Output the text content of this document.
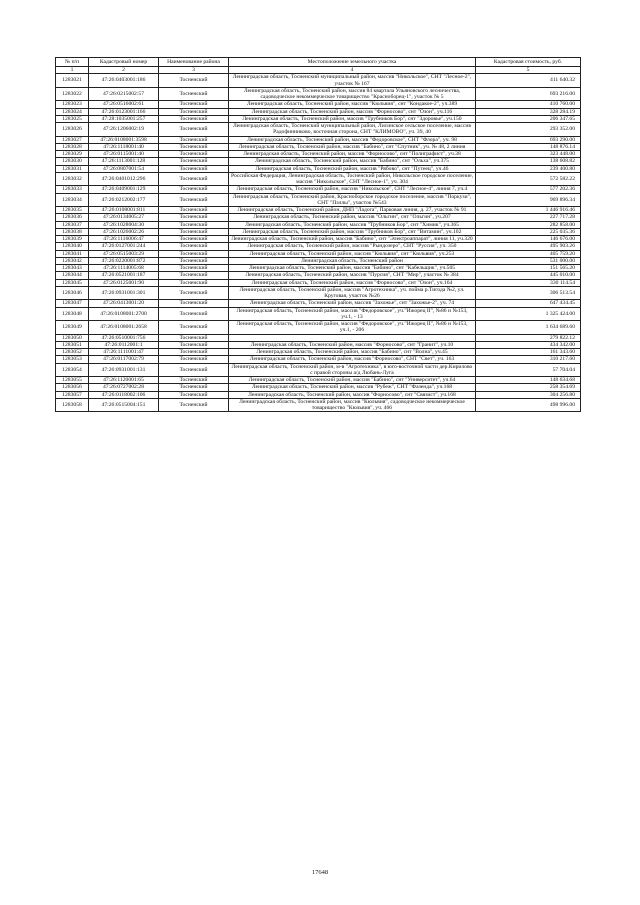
№ п/п	Кадастровый номер	Наименование района	Местоположение земельного участка	Кадастровая стоимость, руб.
1	2	3	4	5
1283021	47:26:0403001:186	Тосненский	Ленинградская область, Тосненский муниципальный район, массив "Никольское", СНТ "Лесное-2", участок № 167	411 640.32
1283022	47:26:0215002:57	Тосненский	Ленинградская область, Тосненский район, массив 84 квартала Ульяновского лесничества, садоводческое некоммерческое товарищество "Красноборец-1", участок № 5	693 216.00
1283023	47:26:0516002:61	Тосненский	Ленинградская область, Тосненский район, массив "Кюльвия", снт "Кондакое-2", уч.389	410 760.00
1283024	47:26:0123001:166	Тосненский	Ленинградская область, Тосненский район, массив "Форносово", снт "Озон", уч.116	328 284.19
1283025	47:28:1035001:257	Тосненский	Ленинградская область, Тосненский район, массив "Трубников Бор", снт "Здоровье", уч.150	206 347.65
1283026	47:26:1206002:19	Тосненский	Ленинградская область, Тосненский муниципальный район, Лисинское сельское поселение, массив Радофинниково, восточная сторона, СНТ "КЛИМОВО", уч. 39, 40	293 352.00
1283027	47:26:0108001:3598	Тосненский	Ленинградская область, Тосненский район, массив "Федоровское", СНТ "Флора", уч. 98	693 290.00
1283028	47:26:1118001:40	Тосненский	Ленинградская область, Тосненский район, массив "Бабино", снт "Спутник", уч. № 48, 2 линия	148 876.14
1283029	47:26:0115001:40	Тосненский	Ленинградская область, Тосненский район, массив "Форносово", снт "Полиграфист", уч.38	323 448.00
1283030	47:26:1113001:128	Тосненский	Ленинградская область, Тосненский район, массив "Бабино", снт "Ольха", уч.375	138 608.82
1283031	47:26:0807001:54	Тосненский	Ленинградская область, Тосненский район, массив "Рябово", снт "Путеец", уч.46	239 400.80
1283032	47:26:0401012:296	Тосненский	Российская Федерация, Ленинградская область, Тосненский район, Никольское городское поселение, массив "Никольское", СНТ "Лесное-1", уч. 304	572 582.22
1283033	47:26:0409001:129	Тосненский	Ленинградская область, Тосненский район, массив "Никольское", СНТ "Лесное-4", линия 7, уч.4	577 202.36
1283034	47:26:0212002:177	Тосненский	Ленинградская область, Тосненский район, Красноборское городское поселение, массив "Поркузи", СНТ "Пэллы", участок №543	969 896.34
1283035	47:26:0108001:811	Тосненский	Ленинградская область, Тосненский район, ДНП "Ладога", Парковая линия, д. 27, участок № 91	1 446 916.46
1283036	47:26:0134005:27	Тосненский	Ленинградская область, Тосненский район, массив "Ольгин", снт "Ольгин", уч.207	227 717.28
1283037	47:26:1028004:30	Тосненский	Ленинградская область, Тосненский район, массив "Трубников Бор", снт "Химик", уч.365	282 858.00
1283038	47:26:1026002:26	Тосненский	Ленинградская область, Тосненский район, массив "Трубников Бор", снт "Витамин", уч.102	225 035.36
1283039	47:26:1116006:47	Тосненский	Ленинградская область, Тосненский район, массив "Бабино", снт "Электроаппарат", линия 11, уч.320	146 676.00
1283040	47:26:0127001:244	Тосненский	Ленинградская область, Тосненский район, массив "Рындозеро", СНТ "Руссия", уч. 350	495 903.26
1283041	47:26:0515003:29	Тосненский	Ленинградская область, Тосненский район, массив "Кюльвия", снт "Кюльвия", уч.253	405 759.20
1283042	47:26:0220001:872	Тосненский	Ленинградская область, Тосненский район	531 000.00
1283043	47:26:1114005:68	Тосненский	Ленинградская область, Тосненский район, массив "Бабино", снт "Кабельщик", уч.505	151 565.20
1283044	47:26:0521001:187	Тосненский	Ленинградская область, Тосненский район, массив "Пурсия", СНТ "Мир", участок № 384	445 010.00
1283045	47:26:0125001:90	Тосненский	Ленинградская область, Тосненский район, массив "Форносово", снт "Озон", уч.164	330 114.54
1283046	47:26:0931001:301	Тосненский	Ленинградская область, Тосненский район, массив "Агротехника", уч. пойма р.Тигода №2, ул. Круговая, участок №26	306 513.54
1283047	47:26:0413001:20	Тосненский	Ленинградская область, Тосненский район, массив "Захожье", снт "Захожье-2", уч. 74	647 434.45
1283048	47:26:0108001:2700	Тосненский	Ленинградская область, Тосненский район, массив "Федоровское", уч."Ижорец II", №86 и №153, уч.1, - 13	1 325 424.00
1283049	47:26:0108001:2658	Тосненский	Ленинградская область, Тосненский район, массив "Федоровское", уч."Ижорец II", №86 и №153, уч.1, - 206	1 634 689.60
1283050	47:26:0510001:756	Тосненский		279 822.12
1283051	47:26:0112001:1	Тосненский	Ленинградская область, Тосненский район, массив "Форносово", снт "Гранит", уч.10	434 342.00
1283052	47:26:1111001:47	Тосненский	Ленинградская область, Тосненский район, массив "Бабино", снт "Волна", уч.45	161 343.60
1283053	47:26:0117002:79	Тосненский	Ленинградская область, Тосненский район, массив "Форносово", СНТ "Свет", уч. 163	310 217.60
1283054	47:26:0931001:131	Тосненский	Ленинградская область, Тосненский район, м-в "Агротехника", в юго-восточной части дер.Кирилово с правой стороны а/д Любань-Луга	57 704.04
1283055	47:26:1120001:65	Тосненский	Ленинградская область, Тосненский район, массив "Бабино", снт "Университет", уч.64	148 634.68
1283056	47:26:0727002:28	Тосненский	Ленинградская область, Тосненский район, массив "Рубеж", СНТ "Фазенда", уч.168	258 354.69
1283057	47:26:0118002:106	Тосненский	Ленинградская область, Тосненский район, массив "Форносово", снт "Связист", уч.168	304 256.80
1283058	47:26:0515004:151	Тосненский	Ленинградская область, Тосненский район, массив "Кюльвия", садоводческое некоммерческое товарищество "Кюльвия", уч. 466	498 996.00
17648
